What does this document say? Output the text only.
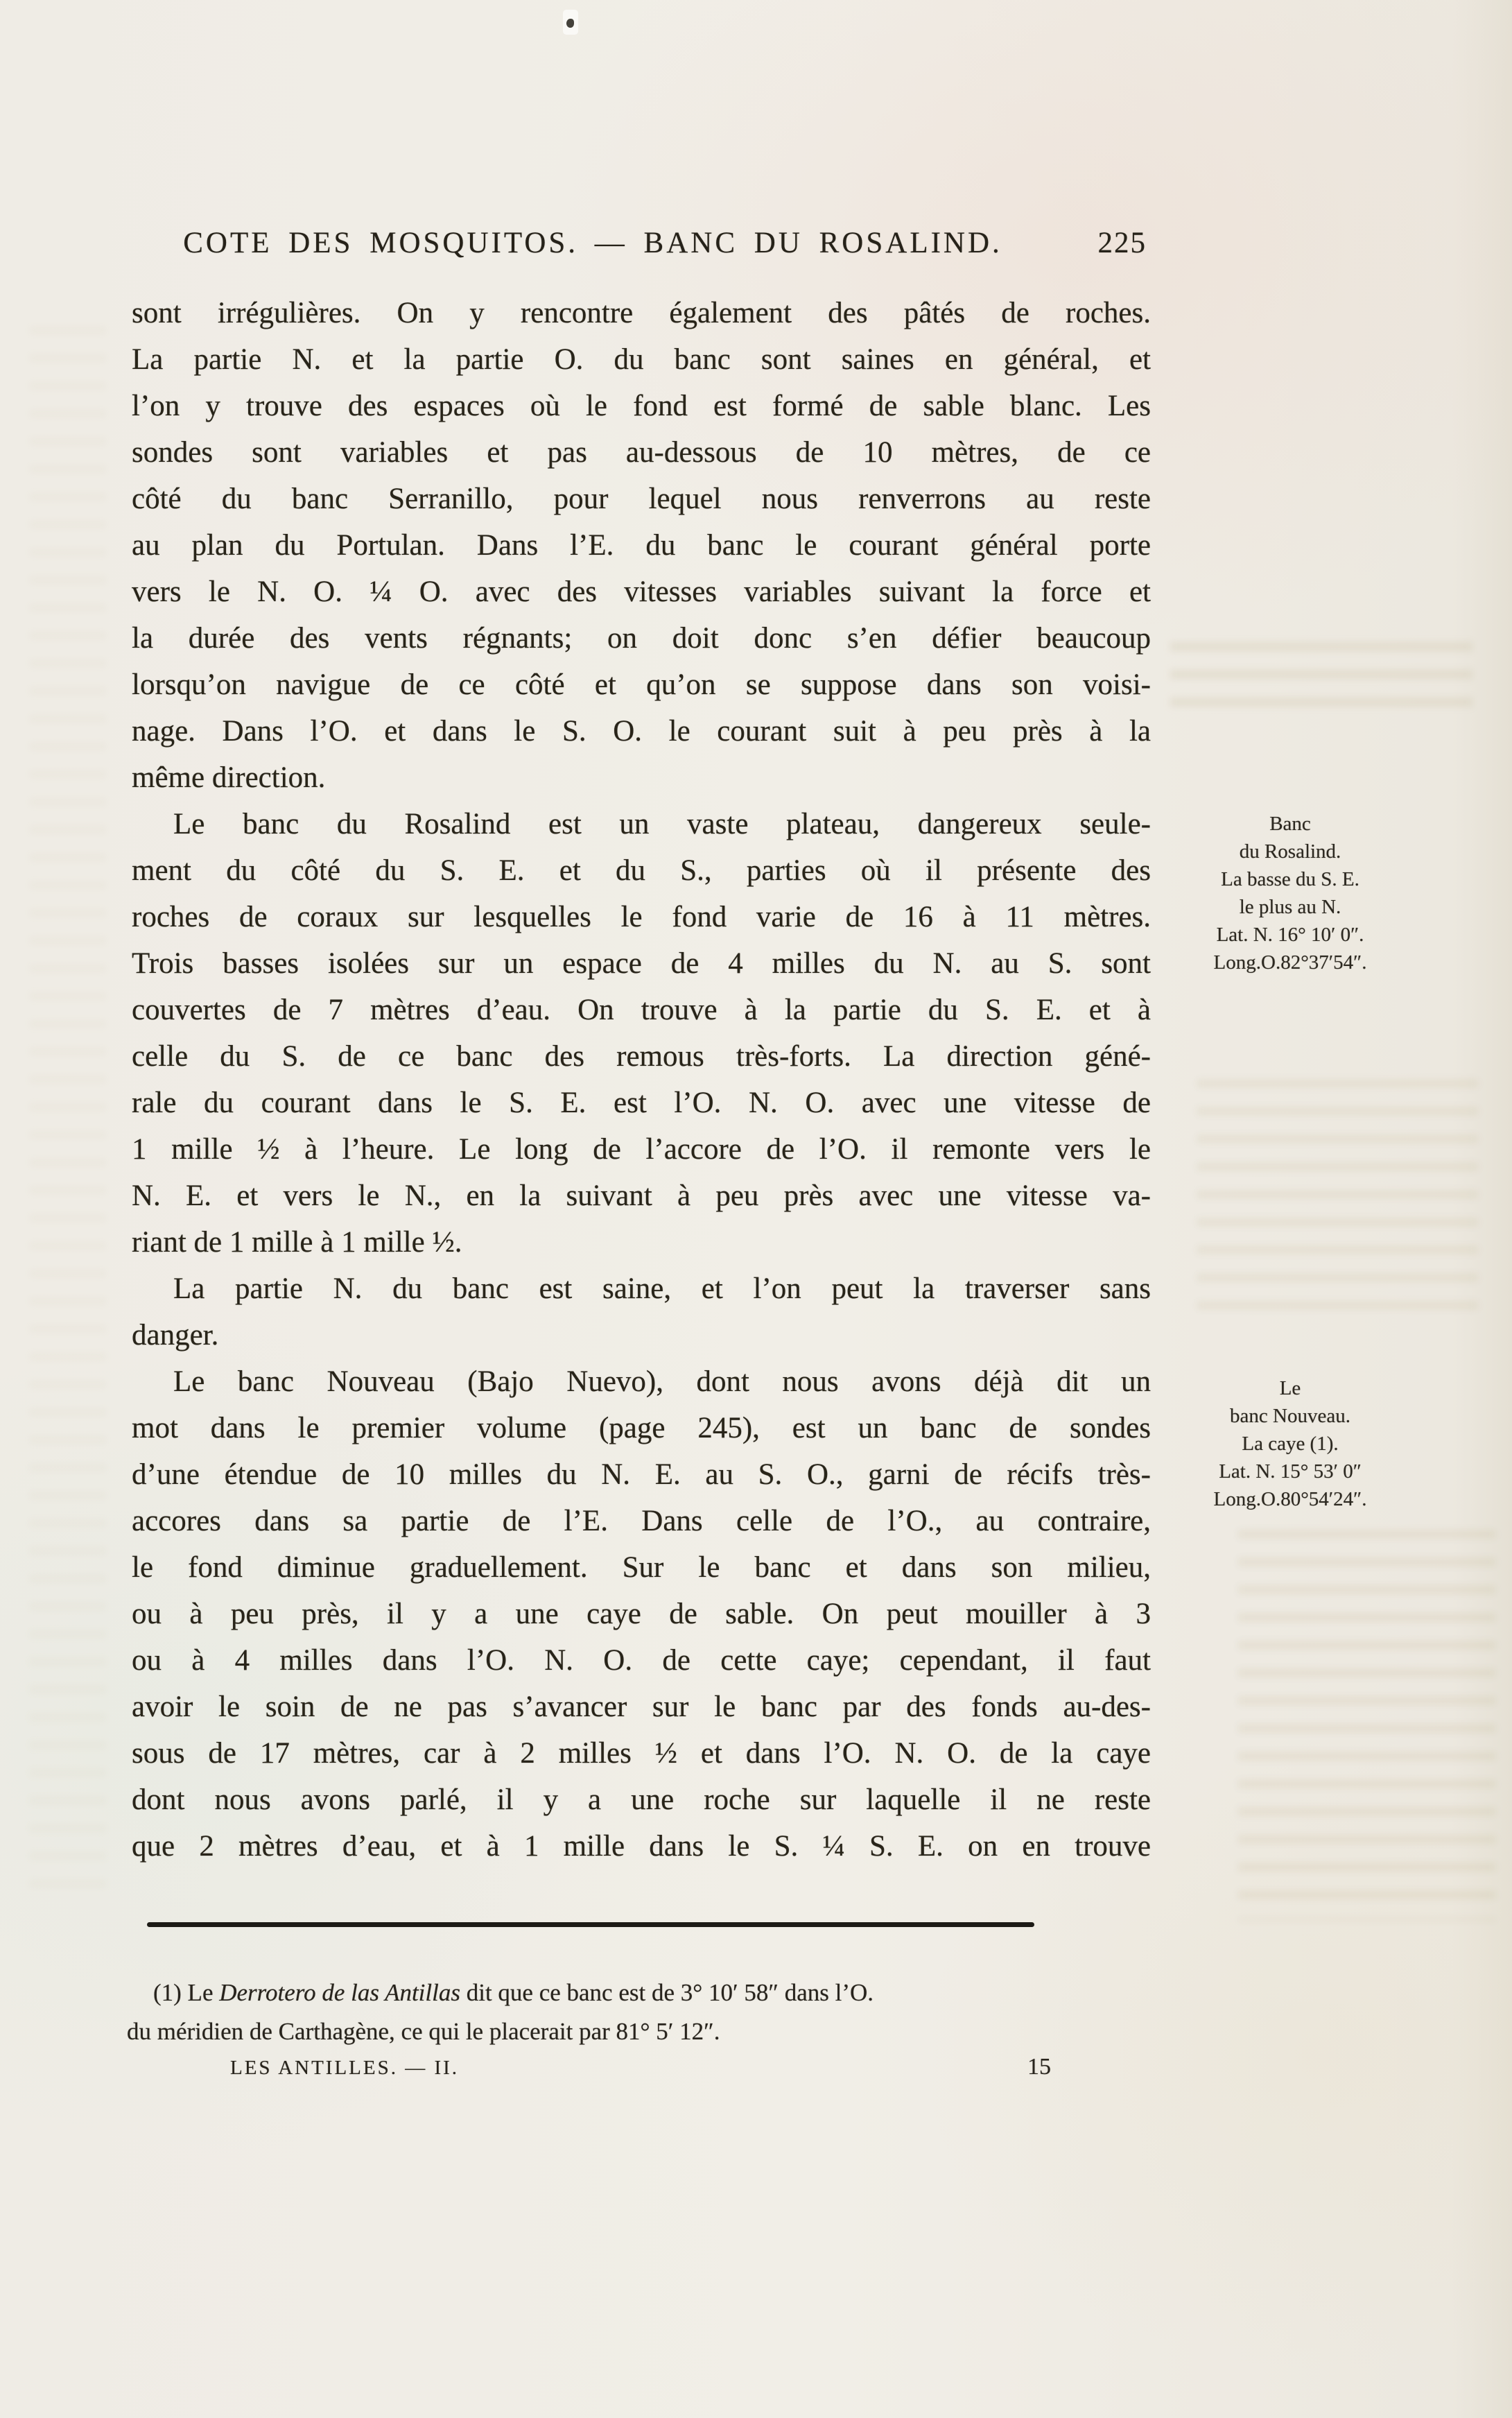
COTE DES MOSQUITOS. — BANC DU ROSALIND.	225
sont irrégulières. On y rencontre également des pâtés de roches.
La partie N. et la partie O. du banc sont saines en général, et
l’on y trouve des espaces où le fond est formé de sable blanc. Les
sondes sont variables et pas au-dessous de 10 mètres, de ce
côté du banc Serranillo, pour lequel nous renverrons au reste
au plan du Portulan. Dans l’E. du banc le courant général porte
vers le N. O. ¼ O. avec des vitesses variables suivant la force et
la durée des vents régnants; on doit donc s’en défier beaucoup
lorsqu’on navigue de ce côté et qu’on se suppose dans son voisi-
nage. Dans l’O. et dans le S. O. le courant suit à peu près à la
même direction.
Le banc du Rosalind est un vaste plateau, dangereux seule-
ment du côté du S. E. et du S., parties où il présente des
roches de coraux sur lesquelles le fond varie de 16 à 11 mètres.
Trois basses isolées sur un espace de 4 milles du N. au S. sont
couvertes de 7 mètres d’eau. On trouve à la partie du S. E. et à
celle du S. de ce banc des remous très-forts. La direction géné-
rale du courant dans le S. E. est l’O. N. O. avec une vitesse de
1 mille ½ à l’heure. Le long de l’accore de l’O. il remonte vers le
N. E. et vers le N., en la suivant à peu près avec une vitesse va-
riant de 1 mille à 1 mille ½.
La partie N. du banc est saine, et l’on peut la traverser sans
danger.
Le banc Nouveau (Bajo Nuevo), dont nous avons déjà dit un
mot dans le premier volume (page 245), est un banc de sondes
d’une étendue de 10 milles du N. E. au S. O., garni de récifs très-
accores dans sa partie de l’E. Dans celle de l’O., au contraire,
le fond diminue graduellement. Sur le banc et dans son milieu,
ou à peu près, il y a une caye de sable. On peut mouiller à 3
ou à 4 milles dans l’O. N. O. de cette caye; cependant, il faut
avoir le soin de ne pas s’avancer sur le banc par des fonds au-des-
sous de 17 mètres, car à 2 milles ½ et dans l’O. N. O. de la caye
dont nous avons parlé, il y a une roche sur laquelle il ne reste
que 2 mètres d’eau, et à 1 mille dans le S. ¼ S. E. on en trouve
Banc
du Rosalind.
La basse du S. E.
le plus au N.
Lat. N. 16° 10′ 0″.
Long.O.82°37′54″.
Le
banc Nouveau.
La caye (1).
Lat. N. 15° 53′ 0″
Long.O.80°54′24″.
(1) Le Derrotero de las Antillas dit que ce banc est de 3° 10′ 58″ dans l’O.
du méridien de Carthagène, ce qui le placerait par 81° 5′ 12″.
LES ANTILLES. — II.	15
